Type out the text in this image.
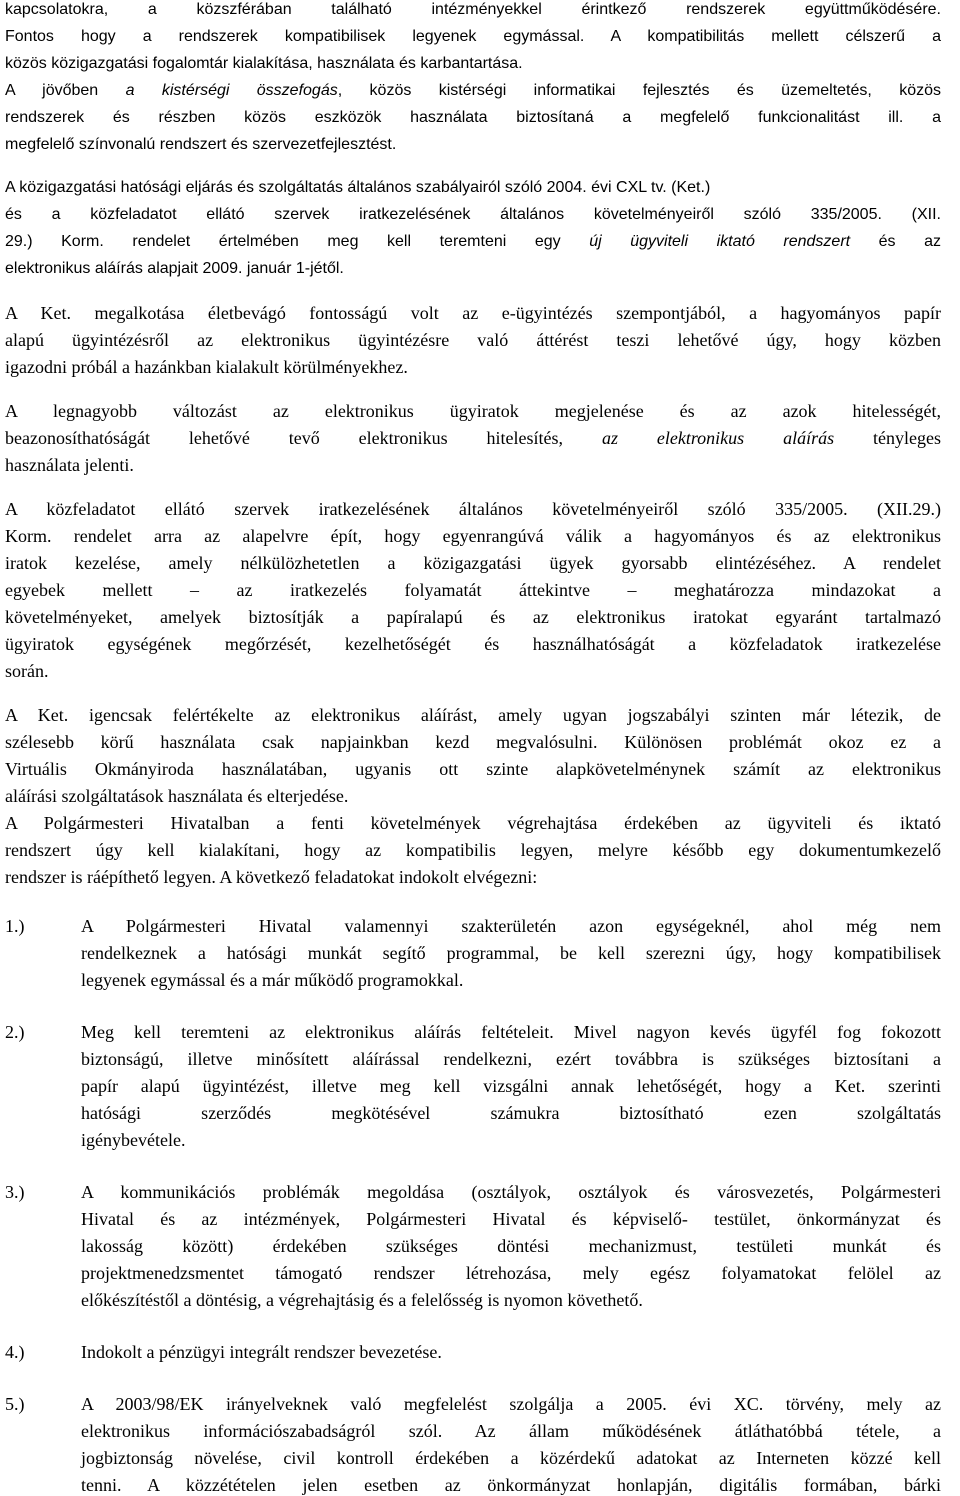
kapcsolatokra, a közszférában található intézményekkel érintkező rendszerek együttműködésére.

Fontos hogy a rendszerek kompatibilisek legyenek egymással. A kompatibilitás mellett célszerű a

közös közigazgatási fogalomtár kialakítása, használata és karbantartása.

A jövőben a kistérségi összefogás, közös kistérségi informatikai fejlesztés és üzemeltetés, közös

rendszerek és részben közös eszközök használata biztosítaná a megfelelő funkcionalitást ill. a

megfelelő színvonalú rendszert és szervezetfejlesztést.

A közigazgatási hatósági eljárás és szolgáltatás általános szabályairól szóló 2004. évi CXL tv. (Ket.)

és a közfeladatot ellátó szervek iratkezelésének általános követelményeiről szóló 335/2005. (XII.

29.) Korm. rendelet értelmében meg kell teremteni egy új ügyviteli iktató rendszert és az

elektronikus aláírás alapjait 2009. január 1-jétől.

A Ket. megalkotása életbevágó fontosságú volt az e-ügyintézés szempontjából, a hagyományos papír

alapú ügyintézésről az elektronikus ügyintézésre való áttérést teszi lehetővé úgy, hogy közben

igazodni próbál a hazánkban kialakult körülményekhez.

A legnagyobb változást az elektronikus ügyiratok megjelenése és az azok hitelességét,

beazonosíthatóságát lehetővé tevő elektronikus hitelesítés, az elektronikus aláírás tényleges

használata jelenti.

A közfeladatot ellátó szervek iratkezelésének általános követelményeiről szóló 335/2005. (XII.29.)

Korm. rendelet arra az alapelvre épít, hogy egyenrangúvá válik a hagyományos és az elektronikus

iratok kezelése, amely nélkülözhetetlen a közigazgatási ügyek gyorsabb elintézéséhez. A rendelet

egyebek mellett – az iratkezelés folyamatát áttekintve – meghatározza mindazokat a

követelményeket, amelyek biztosítják a papíralapú és az elektronikus iratokat egyaránt tartalmazó

ügyiratok egységének megőrzését, kezelhetőségét és használhatóságát a közfeladatok iratkezelése

során.

A Ket. igencsak felértékelte az elektronikus aláírást, amely ugyan jogszabályi szinten már létezik, de

szélesebb körű használata csak napjainkban kezd megvalósulni. Különösen problémát okoz ez a

Virtuális Okmányiroda használatában, ugyanis ott szinte alapkövetelménynek számít az elektronikus

aláírási szolgáltatások használata és elterjedése.

A Polgármesteri Hivatalban a fenti követelmények végrehajtása érdekében az ügyviteli és iktató

rendszert úgy kell kialakítani, hogy az kompatibilis legyen, melyre később egy dokumentumkezelő

rendszer is ráépíthető legyen. A következő feladatokat indokolt elvégezni:

1.)	A Polgármesteri Hivatal valamennyi szakterületén azon egységeknél, ahol még nem

rendelkeznek a hatósági munkát segítő programmal, be kell szerezni úgy, hogy kompatibilisek

legyenek egymással és a már működő programokkal.

2.)	Meg kell teremteni az elektronikus aláírás feltételeit. Mivel nagyon kevés ügyfél fog fokozott

biztonságú, illetve minősített aláírással rendelkezni, ezért továbbra is szükséges biztosítani a

papír alapú ügyintézést, illetve meg kell vizsgálni annak lehetőségét, hogy a Ket. szerinti

hatósági szerződés megkötésével számukra biztosítható ezen szolgáltatás

igénybevétele.

3.)	A kommunikációs problémák megoldása (osztályok, osztályok és városvezetés, Polgármesteri

Hivatal és az intézmények, Polgármesteri Hivatal és képviselő- testület, önkormányzat és

lakosság között) érdekében szükséges döntési mechanizmust, testületi munkát és

projektmenedzsmentet támogató rendszer létrehozása, mely egész folyamatokat felölel az

előkészítéstől a döntésig, a végrehajtásig és a felelősség is nyomon követhető.

4.)	Indokolt a pénzügyi integrált rendszer bevezetése.

5.)	A 2003/98/EK irányelveknek való megfelelést szolgálja a 2005. évi XC. törvény, mely az

elektronikus információszabadságról szól. Az állam működésének átláthatóbbá tétele, a

jogbiztonság növelése, civil kontroll érdekében a közérdekű adatokat az Interneten közzé kell

tenni. A közzétételen jelen esetben az önkormányzat honlapján, digitális formában, bárki
